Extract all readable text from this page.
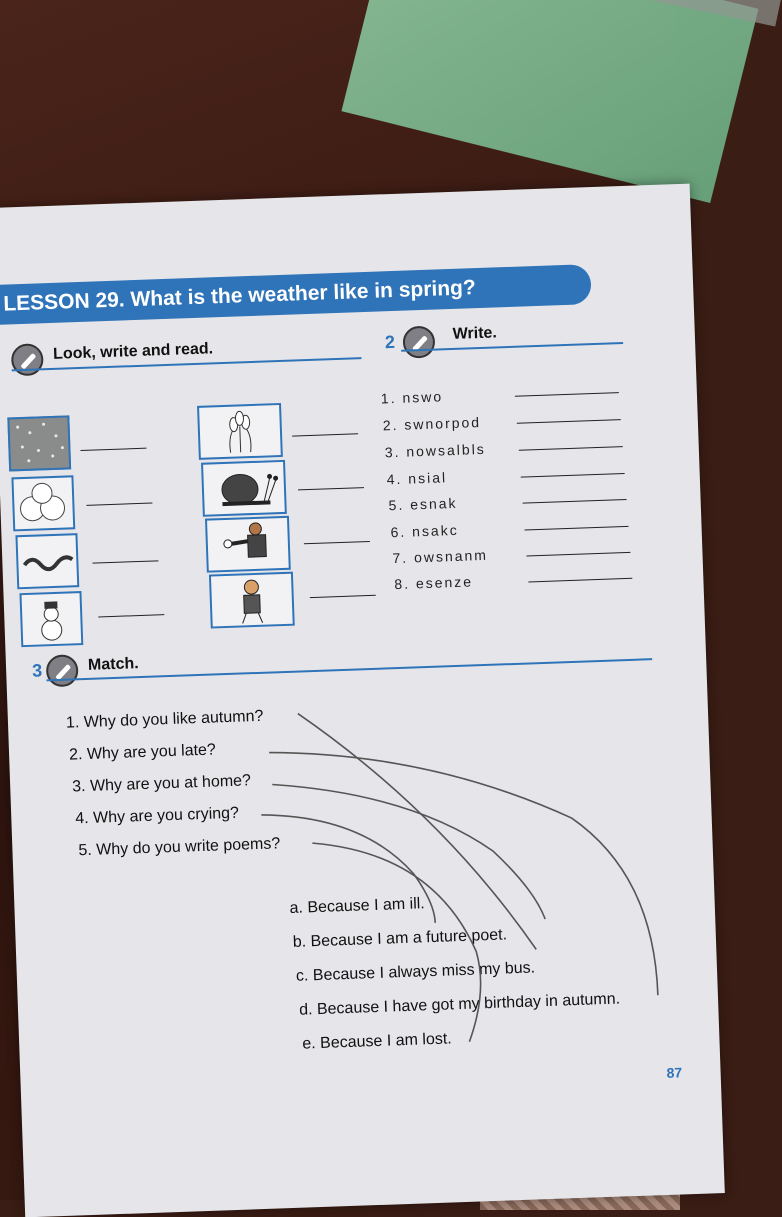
LESSON 29. What is the weather like in spring?
Look, write and read.	2	Write.
1. nswo
2. swnorpod
3. nowsalbls
4. nsial
5. esnak
6. nsakc
7. owsnanm
8. esenze
3	Match.
1. Why do you like autumn?
2. Why are you late?
3. Why are you at home?
4. Why are you crying?
5. Why do you write poems?
a. Because I am ill.
b. Because I am a future poet.
c. Because I always miss my bus.
d. Because I have got my birthday in autumn.
e. Because I am lost.
87
